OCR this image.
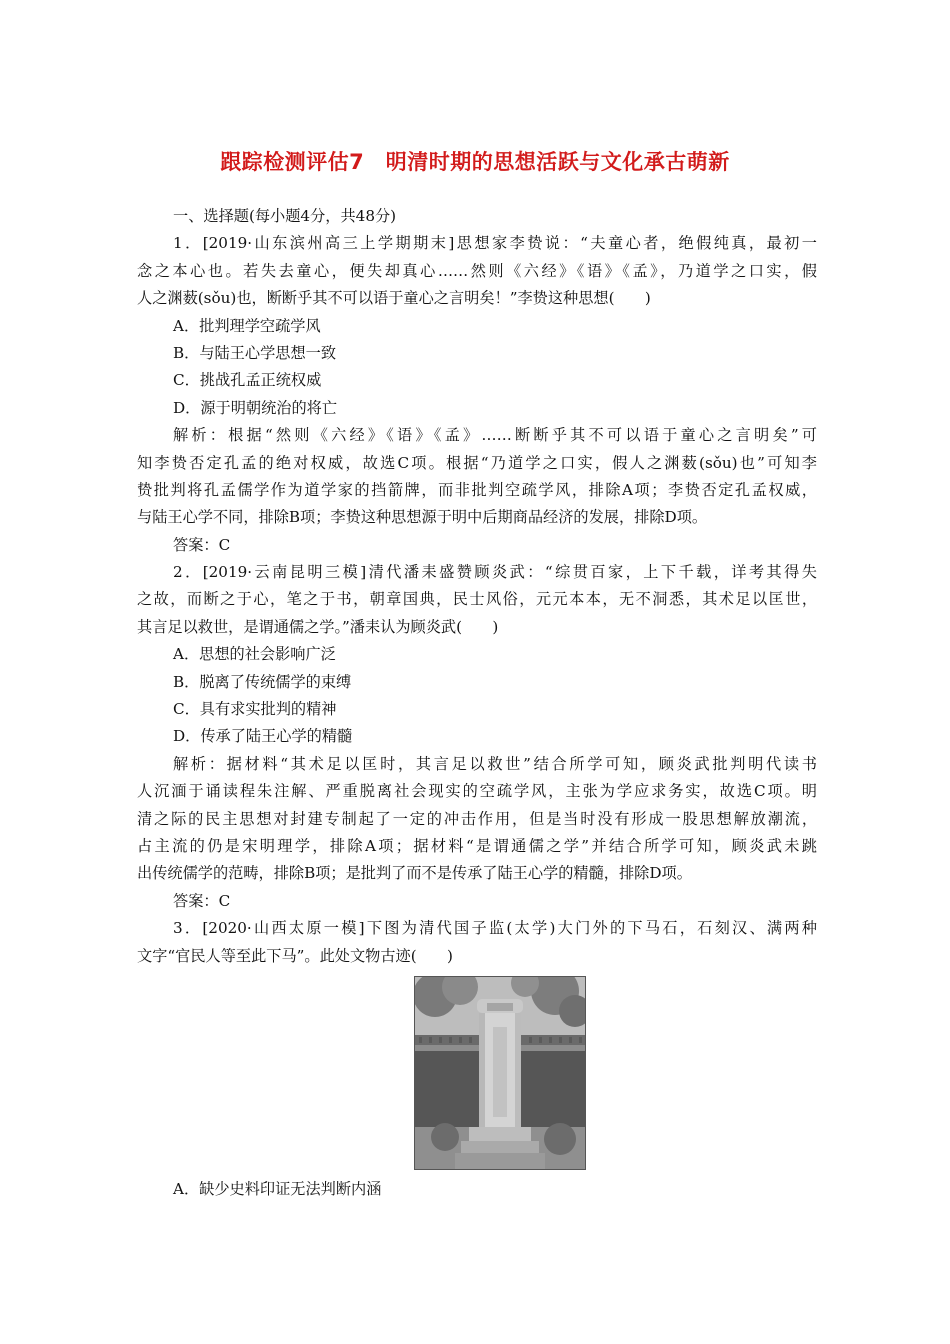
跟踪检测评估7　明清时期的思想活跃与文化承古萌新
一、选择题(每小题4分，共48分)
1．[2019·山东滨州高三上学期期末]思想家李贽说：“夫童心者，绝假纯真，最初一
念之本心也。若失去童心，便失却真心……然则《六经》《语》《孟》，乃道学之口实，假
人之渊薮(sǒu)也，断断乎其不可以语于童心之言明矣！”李贽这种思想(　　)
A．批判理学空疏学风
B．与陆王心学思想一致
C．挑战孔孟正统权威
D．源于明朝统治的将亡
解析：根据“然则《六经》《语》《孟》……断断乎其不可以语于童心之言明矣”可
知李贽否定孔孟的绝对权威，故选C项。根据“乃道学之口实，假人之渊薮(sǒu)也”可知李
贽批判将孔孟儒学作为道学家的挡箭牌，而非批判空疏学风，排除A项；李贽否定孔孟权威，
与陆王心学不同，排除B项；李贽这种思想源于明中后期商品经济的发展，排除D项。
答案：C
2．[2019·云南昆明三模]清代潘耒盛赞顾炎武：“综贯百家，上下千载，详考其得失
之故，而断之于心，笔之于书，朝章国典，民士风俗，元元本本，无不洞悉，其术足以匡世，
其言足以救世，是谓通儒之学。”潘耒认为顾炎武(　　)
A．思想的社会影响广泛
B．脱离了传统儒学的束缚
C．具有求实批判的精神
D．传承了陆王心学的精髓
解析：据材料“其术足以匡时，其言足以救世”结合所学可知，顾炎武批判明代读书
人沉湎于诵读程朱注解、严重脱离社会现实的空疏学风，主张为学应求务实，故选C项。明
清之际的民主思想对封建专制起了一定的冲击作用，但是当时没有形成一股思想解放潮流，
占主流的仍是宋明理学，排除A项；据材料“是谓通儒之学”并结合所学可知，顾炎武未跳
出传统儒学的范畴，排除B项；是批判了而不是传承了陆王心学的精髓，排除D项。
答案：C
3．[2020·山西太原一模]下图为清代国子监(太学)大门外的下马石，石刻汉、满两种
文字“官民人等至此下马”。此处文物古迹(　　)
A．缺少史料印证无法判断内涵
